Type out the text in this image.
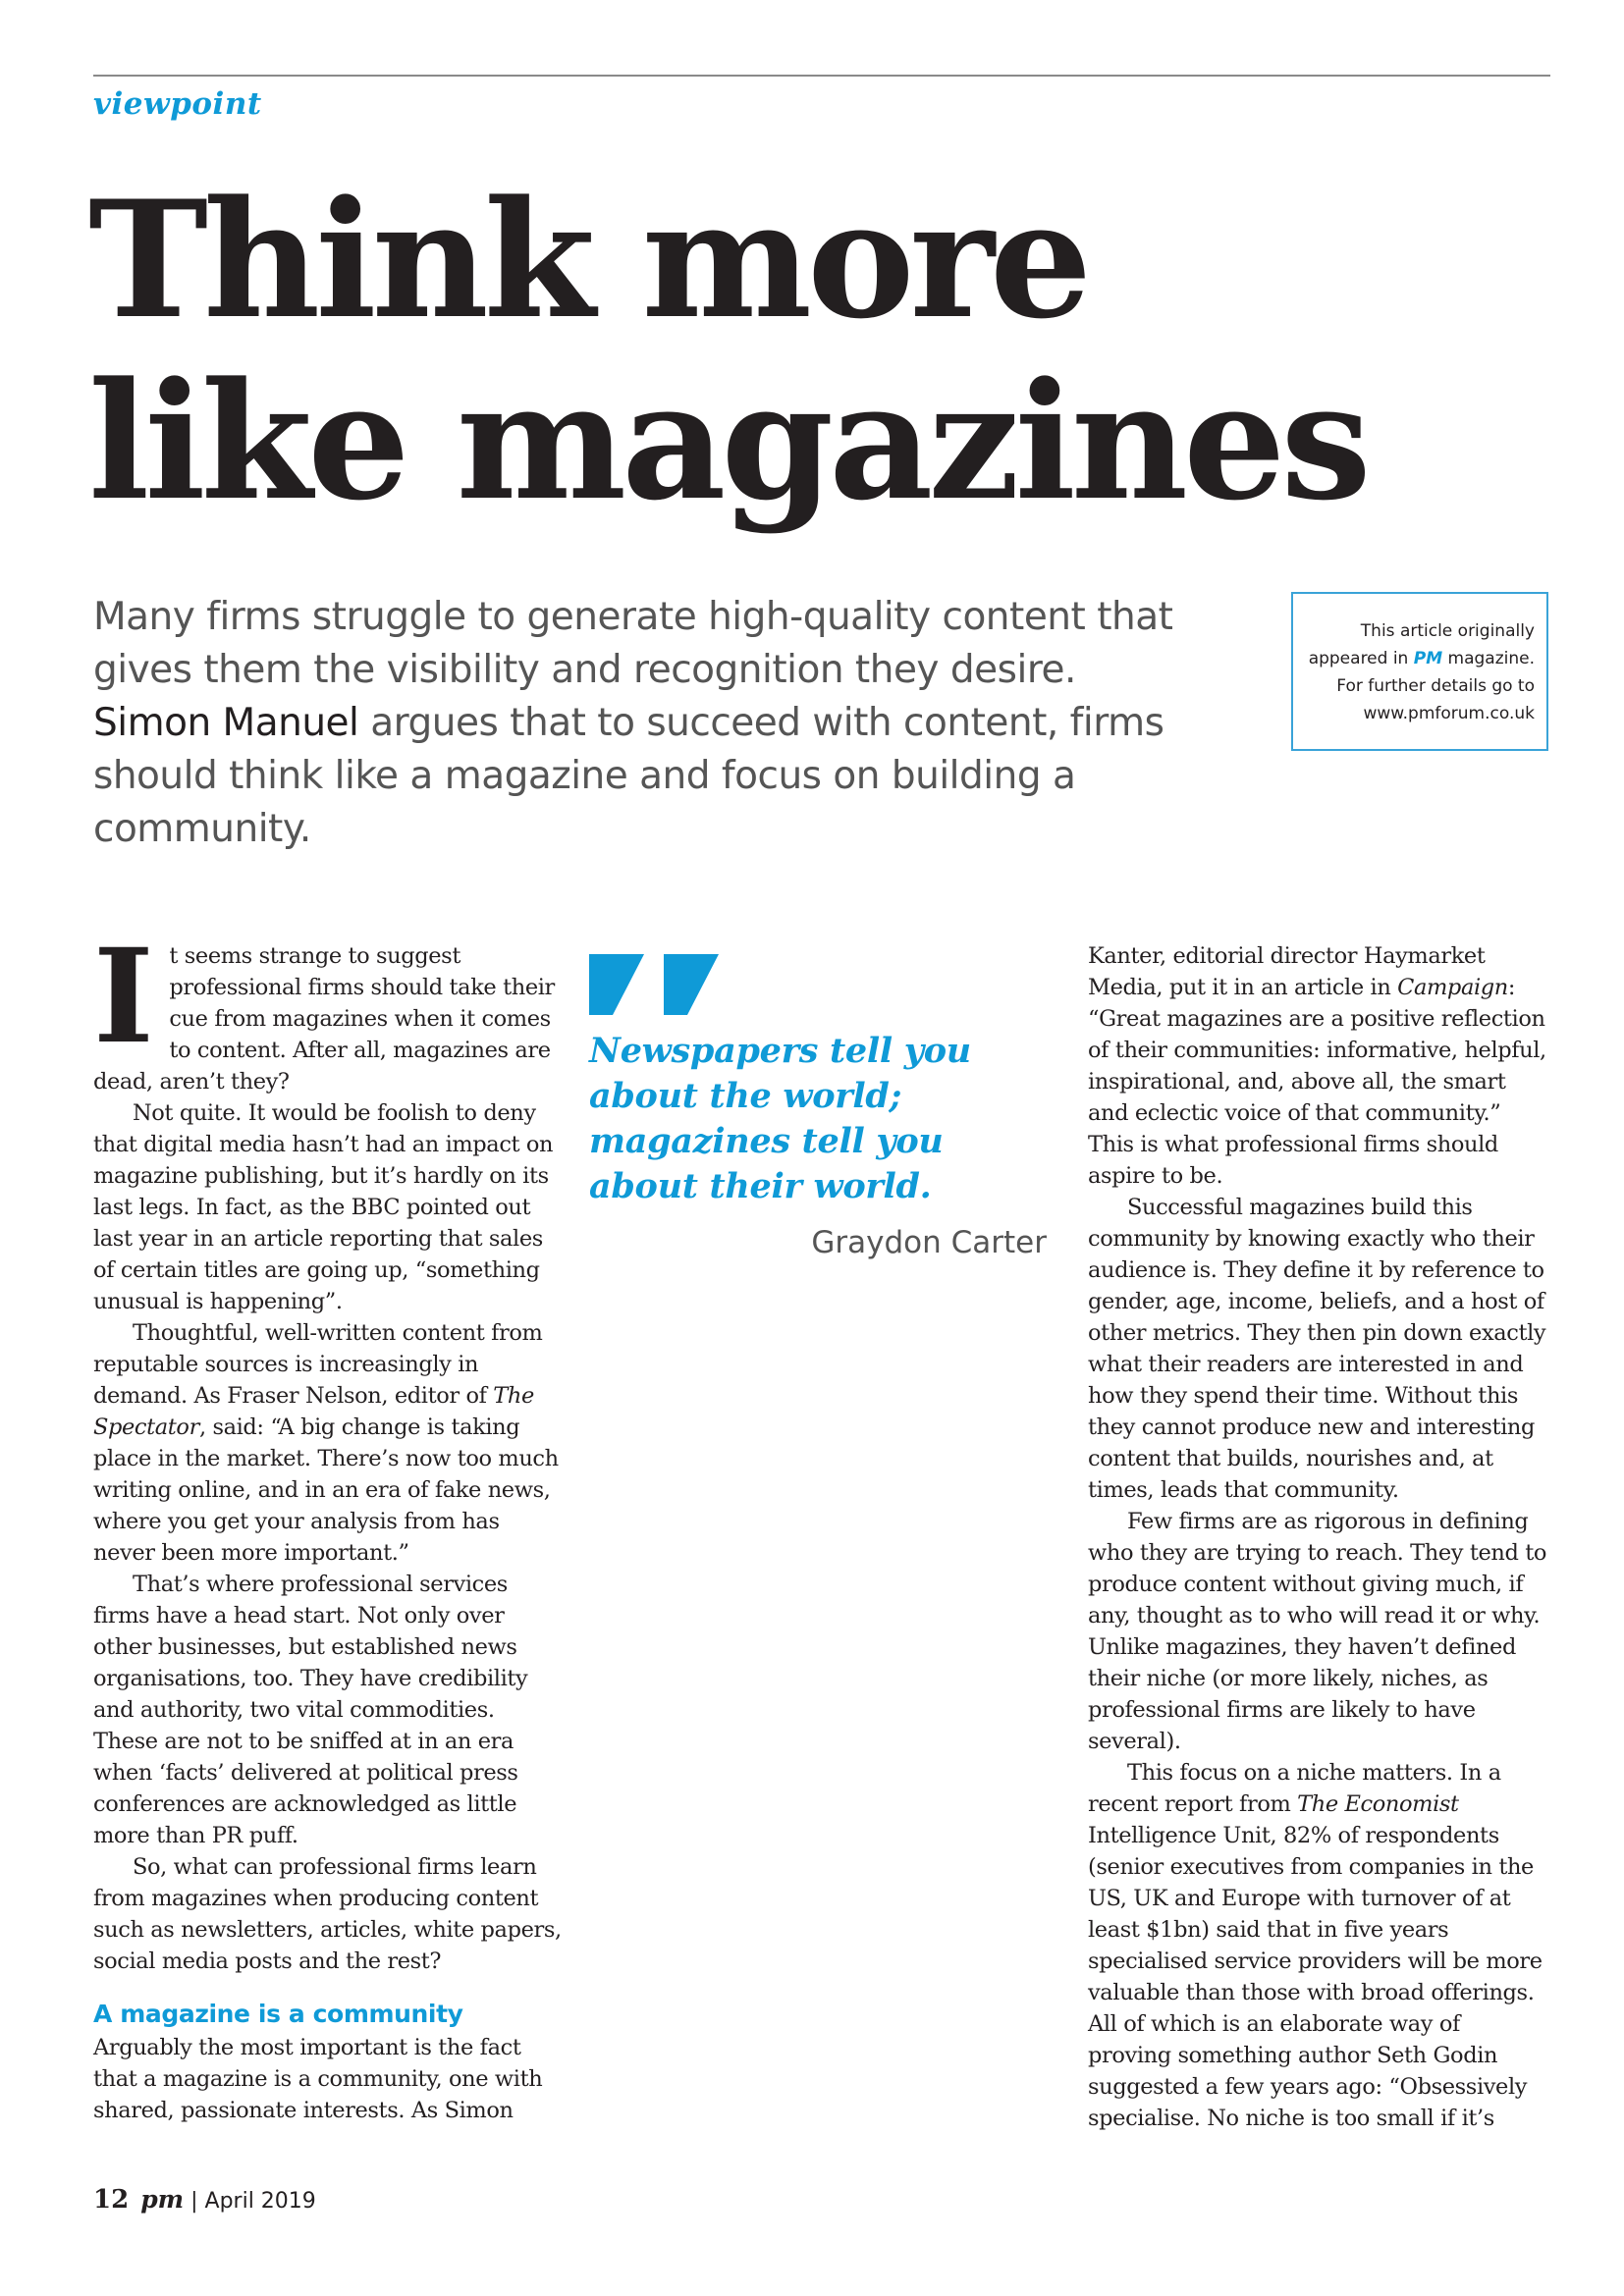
viewpoint
Think more
like magazines

Many firms struggle to generate high-quality content that gives them the visibility and recognition they desire. Simon Manuel argues that to succeed with content, firms should think like a magazine and focus on building a community.

This article originally
appeared in PM magazine.
For further details go to
www.pmforum.co.uk

It seems strange to suggest professional firms should take their cue from magazines when it comes to content. After all, magazines are dead, aren’t they?

Not quite. It would be foolish to deny that digital media hasn’t had an impact on magazine publishing, but it’s hardly on its last legs. In fact, as the BBC pointed out last year in an article reporting that sales of certain titles are going up, “something unusual is happening”.

Thoughtful, well-written content from reputable sources is increasingly in demand. As Fraser Nelson, editor of The Spectator, said: “A big change is taking place in the market. There’s now too much writing online, and in an era of fake news, where you get your analysis from has never been more important.”

That’s where professional services firms have a head start. Not only over other businesses, but established news organisations, too. They have credibility and authority, two vital commodities. These are not to be sniffed at in an era when ‘facts’ delivered at political press conferences are acknowledged as little more than PR puff.

So, what can professional firms learn from magazines when producing content such as newsletters, articles, white papers, social media posts and the rest?

A magazine is a community

Arguably the most important is the fact that a magazine is a community, one with shared, passionate interests. As Simon

Newspapers tell you
about the world;
magazines tell you
about their world.

Graydon Carter

Kanter, editorial director Haymarket Media, put it in an article in Campaign: “Great magazines are a positive reflection of their communities: informative, helpful, inspirational, and, above all, the smart and eclectic voice of that community.” This is what professional firms should aspire to be.

Successful magazines build this community by knowing exactly who their audience is. They define it by reference to gender, age, income, beliefs, and a host of other metrics. They then pin down exactly what their readers are interested in and how they spend their time. Without this they cannot produce new and interesting content that builds, nourishes and, at times, leads that community.

Few firms are as rigorous in defining who they are trying to reach. They tend to produce content without giving much, if any, thought as to who will read it or why. Unlike magazines, they haven’t defined their niche (or more likely, niches, as professional firms are likely to have several).

This focus on a niche matters. In a recent report from The Economist Intelligence Unit, 82% of respondents (senior executives from companies in the US, UK and Europe with turnover of at least $1bn) said that in five years specialised service providers will be more valuable than those with broad offerings. All of which is an elaborate way of proving something author Seth Godin suggested a few years ago: “Obsessively specialise. No niche is too small if it’s

12 pm | April 2019
